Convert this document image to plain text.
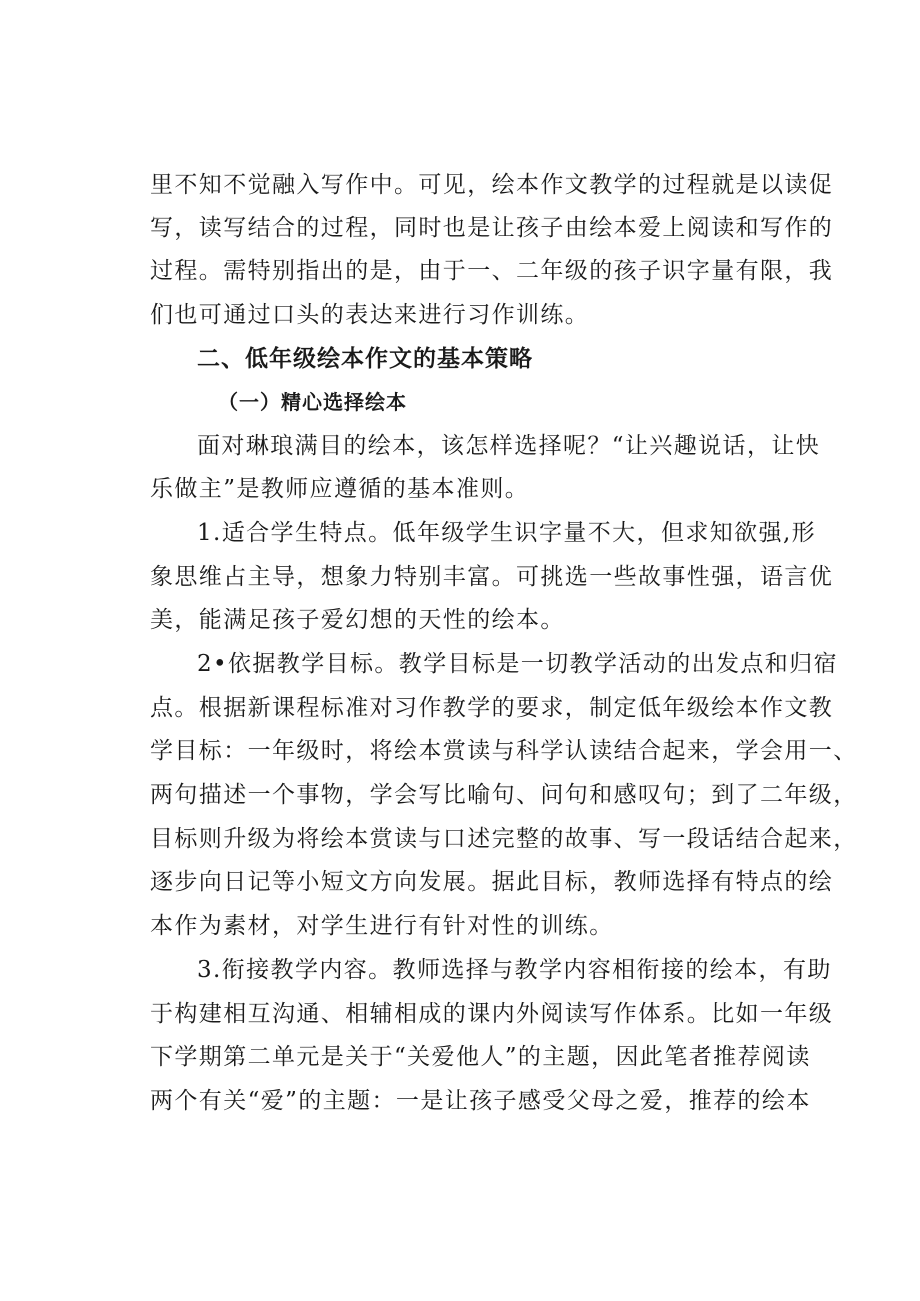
里不知不觉融入写作中。可见，绘本作文教学的过程就是以读促
写，读写结合的过程，同时也是让孩子由绘本爱上阅读和写作的
过程。需特别指出的是，由于一、二年级的孩子识字量有限，我
们也可通过口头的表达来进行习作训练。
二、低年级绘本作文的基本策略
（一）精心选择绘本
面对琳琅满目的绘本，该怎样选择呢？“让兴趣说话，让快
乐做主”是教师应遵循的基本准则。
1.适合学生特点。低年级学生识字量不大，但求知欲强,形
象思维占主导，想象力特别丰富。可挑选一些故事性强，语言优
美，能满足孩子爱幻想的天性的绘本。
2•依据教学目标。教学目标是一切教学活动的出发点和归宿
点。根据新课程标准对习作教学的要求，制定低年级绘本作文教
学目标：一年级时，将绘本赏读与科学认读结合起来，学会用一、
两句描述一个事物，学会写比喻句、问句和感叹句；到了二年级，
目标则升级为将绘本赏读与口述完整的故事、写一段话结合起来，
逐步向日记等小短文方向发展。据此目标，教师选择有特点的绘
本作为素材，对学生进行有针对性的训练。
3.衔接教学内容。教师选择与教学内容相衔接的绘本，有助
于构建相互沟通、相辅相成的课内外阅读写作体系。比如一年级
下学期第二单元是关于“关爱他人”的主题，因此笔者推荐阅读
两个有关“爱”的主题：一是让孩子感受父母之爱，推荐的绘本
